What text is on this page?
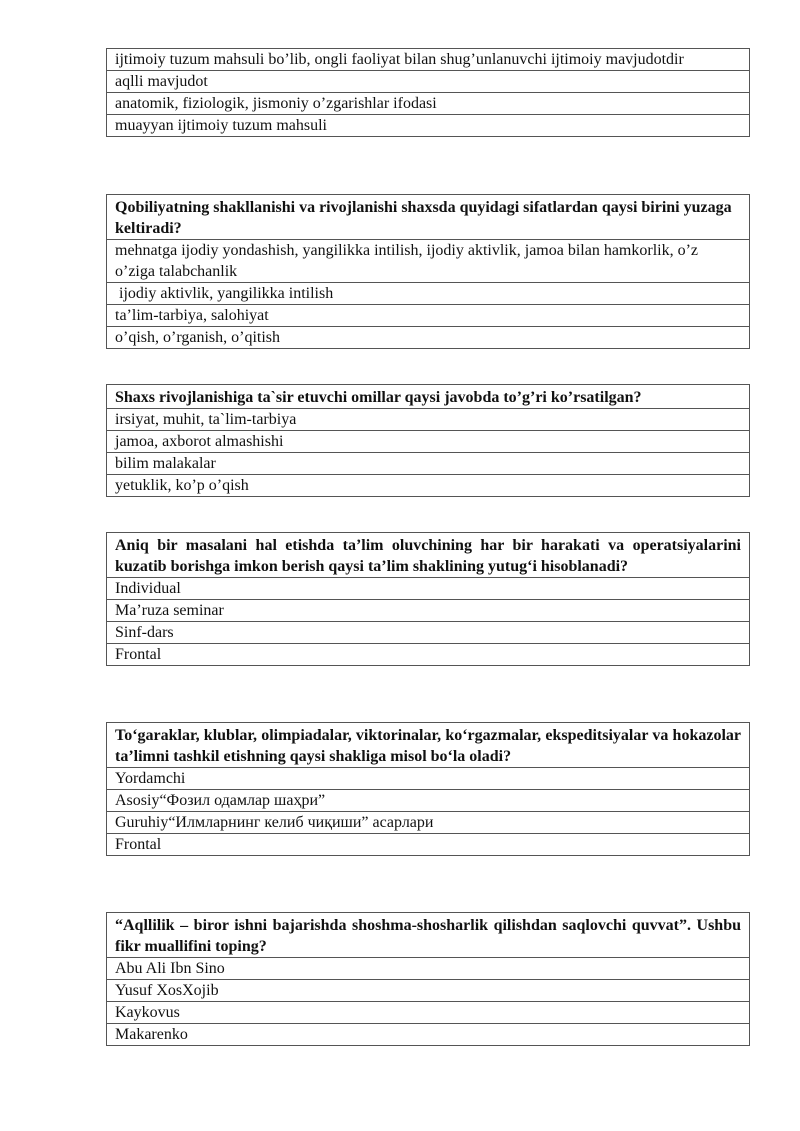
ijtimoiy tuzum mahsuli bo’lib, ongli faoliyat bilan shug’unlanuvchi ijtimoiy mavjudotdir
aqlli mavjudot
anatomik, fiziologik, jismoniy o’zgarishlar ifodasi
muayyan ijtimoiy tuzum mahsuli
Qobiliyatning shakllanishi va rivojlanishi shaxsda quyidagi sifatlardan qaysi birini yuzaga keltiradi?
mehnatga ijodiy yondashish, yangilikka intilish, ijodiy aktivlik, jamoa bilan hamkorlik, o’z o’ziga talabchanlik
ijodiy aktivlik, yangilikka intilish
ta’lim-tarbiya, salohiyat
o’qish, o’rganish, o’qitish
Shaxs rivojlanishiga ta`sir etuvchi omillar qaysi javobda to’g’ri ko’rsatilgan?
irsiyat, muhit, ta`lim-tarbiya
jamoa, axborot almashishi
bilim malakalar
yetuklik, ko’p o’qish
Aniq bir masalani hal etishda ta’lim oluvchining har bir harakati va operatsiyalarini kuzatib borishga imkon berish qaysi ta’lim shaklining yutug‘i hisoblanadi?
Individual
Ma’ruza seminar
Sinf-dars
Frontal
To‘garaklar, klublar, olimpiadalar, viktorinalar, ko‘rgazmalar, ekspeditsiyalar va hokazolar ta’limni tashkil etishning qaysi shakliga misol bo‘la oladi?
Yordamchi
Asosiy“Фозил одамлар шаҳри”
Guruhiy“Илмларнинг келиб чиқиши” асарлари
Frontal
“Aqllilik – biror ishni bajarishda shoshma-shosharlik qilishdan saqlovchi quvvat”. Ushbu fikr muallifini toping?
Abu Ali Ibn Sino
Yusuf XosXojib
Kaykovus
Makarenko
